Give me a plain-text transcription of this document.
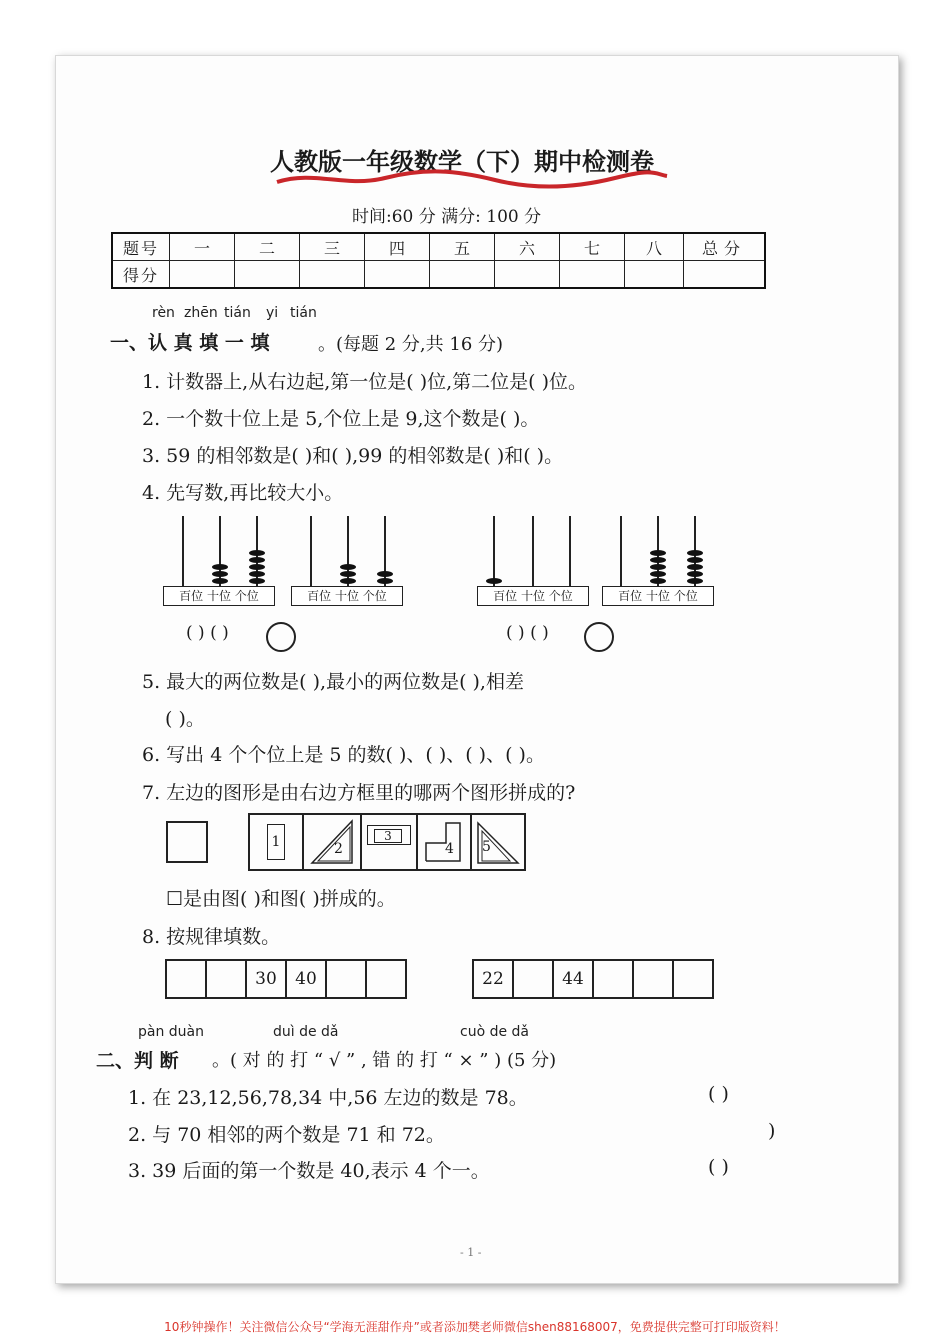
人教版一年级数学（下）期中检测卷
时间:60 分 满分: 100 分
题号	一	二	三	四	五	六	七	八	总分
得分									
rèn zhēn tián yi tián
一、认 真 填 一 填	。(每题 2 分,共 16 分)
1. 计数器上,从右边起,第一位是( )位,第二位是( )位。
2. 一个数十位上是 5,个位上是 9,这个数是( )。
3. 59 的相邻数是( )和( ),99 的相邻数是( )和( )。
4. 先写数,再比较大小。
百位 十位 个位	百位 十位 个位
( ) ( )
百位 十位 个位	百位 十位 个位
( ) ( )
5. 最大的两位数是( ),最小的两位数是( ),相差
( )。
6. 写出 4 个个位上是 5 的数( )、( )、( )、( )。
7. 左边的图形是由右边方框里的哪两个图形拼成的?
1	2
3
4 5
☐是由图( )和图( )拼成的。
8. 按规律填数。
30	40	22	44
pàn duàn	duì de dǎ	cuò de dǎ
二、判 断 。( 对 的 打 “ √ ” , 错 的 打 “ × ” ) (5 分)
1. 在 23,12,56,78,34 中,56 左边的数是 78。	( )
2. 与 70 相邻的两个数是 71 和 72。	)
3. 39 后面的第一个数是 40,表示 4 个一。	( )
- 1 -
10秒钟操作！关注微信公众号“学海无涯甜作舟”或者添加樊老师微信shen88168007，免费提供完整可打印版资料！
